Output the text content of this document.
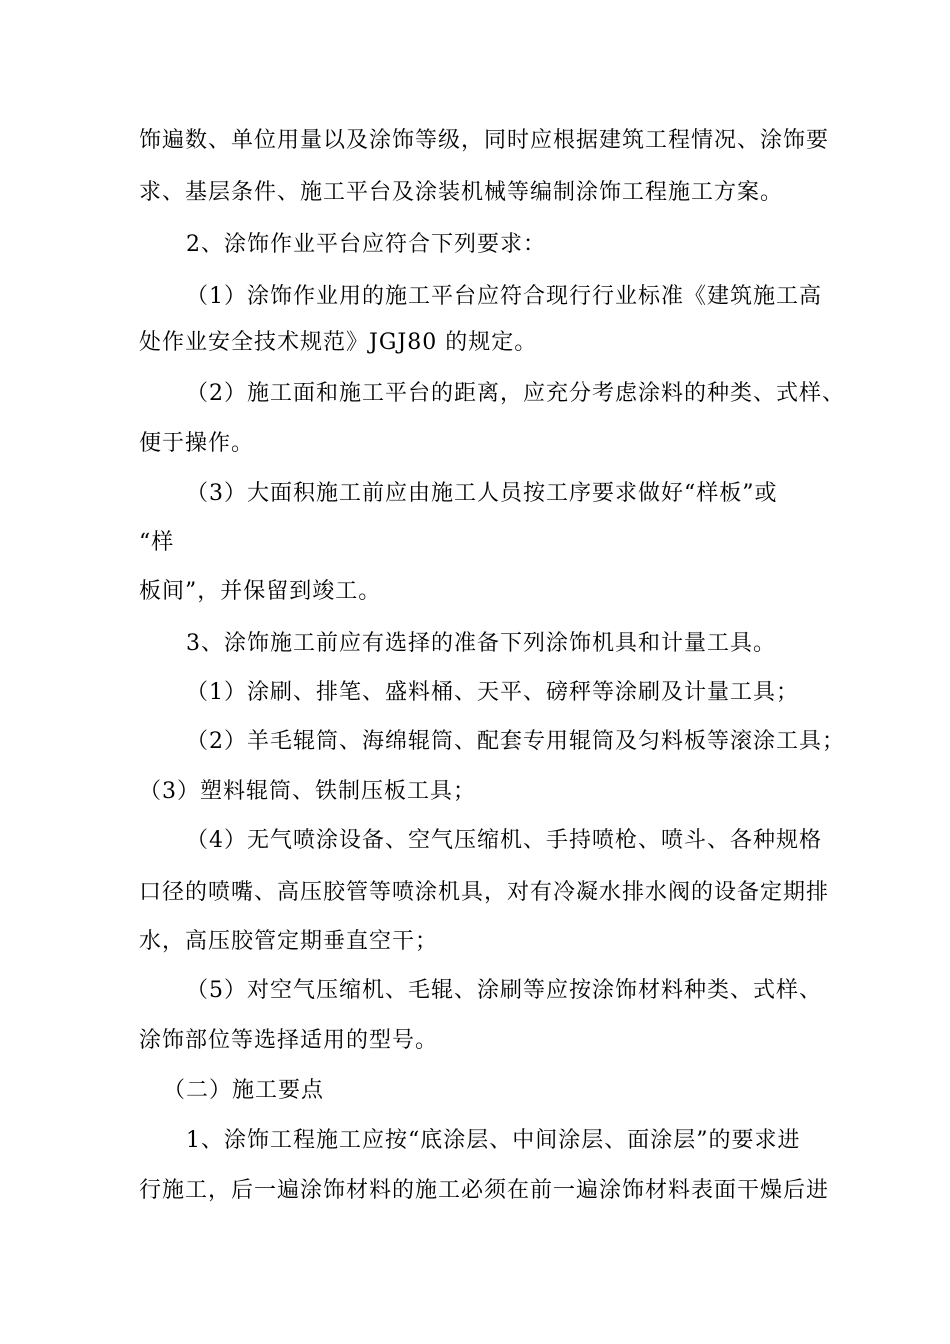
饰遍数、单位用量以及涂饰等级，同时应根据建筑工程情况、涂饰要
求、基层条件、施工平台及涂装机械等编制涂饰工程施工方案。
2、涂饰作业平台应符合下列要求：
（1）涂饰作业用的施工平台应符合现行行业标准《建筑施工高
处作业安全技术规范》JGJ80 的规定。
（2）施工面和施工平台的距离，应充分考虑涂料的种类、式样、
便于操作。
（3）大面积施工前应由施工人员按工序要求做好“样板”或
“样
板间”，并保留到竣工。
3、涂饰施工前应有选择的准备下列涂饰机具和计量工具。
（1）涂刷、排笔、盛料桶、天平、磅秤等涂刷及计量工具；
（2）羊毛辊筒、海绵辊筒、配套专用辊筒及匀料板等滚涂工具；
（3）塑料辊筒、铁制压板工具；
（4）无气喷涂设备、空气压缩机、手持喷枪、喷斗、各种规格
口径的喷嘴、高压胶管等喷涂机具，对有冷凝水排水阀的设备定期排
水，高压胶管定期垂直空干；
（5）对空气压缩机、毛辊、涂刷等应按涂饰材料种类、式样、
涂饰部位等选择适用的型号。
（二）施工要点
1、涂饰工程施工应按“底涂层、中间涂层、面涂层”的要求进
行施工，后一遍涂饰材料的施工必须在前一遍涂饰材料表面干燥后进
